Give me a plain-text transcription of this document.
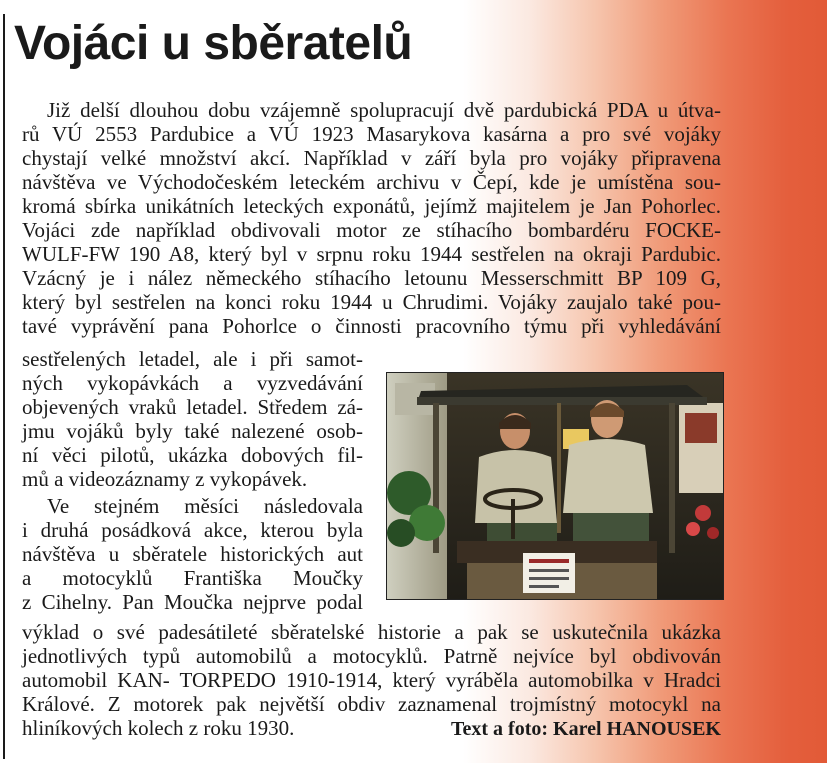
Vojáci u sběratelů
Již delší dlouhou dobu vzájemně spolupracují dvě pardubická PDA u útva-
rů VÚ 2553 Pardubice a VÚ 1923 Masarykova kasárna a pro své vojáky
chystají velké množství akcí. Například v září byla pro vojáky připravena
návštěva ve Východočeském leteckém archivu v Čepí, kde je umístěna sou-
kromá sbírka unikátních leteckých exponátů, jejímž majitelem je Jan Pohorlec.
Vojáci zde například obdivovali motor ze stíhacího bombardéru FOCKE-
WULF-FW 190 A8, který byl v srpnu roku 1944 sestřelen na okraji Pardubic.
Vzácný je i nález německého stíhacího letounu Messerschmitt BP 109 G,
který byl sestřelen na konci roku 1944 u Chrudimi. Vojáky zaujalo také pou-
tavé vyprávění pana Pohorlce o činnosti pracovního týmu při vyhledávání
sestřelených letadel, ale i při samot-
ných vykopávkách a vyzvedávání
objevených vraků letadel. Středem zá-
jmu vojáků byly také nalezené osob-
ní věci pilotů, ukázka dobových fil-
mů a videozáznamy z vykopávek.
Ve stejném měsíci následovala
i druhá posádková akce, kterou byla
návštěva u sběratele historických aut
a motocyklů Františka Moučky
z Cihelny. Pan Moučka nejprve podal
výklad o své padesátileté sběratelské historie a pak se uskutečnila ukázka
jednotlivých typů automobilů a motocyklů. Patrně nejvíce byl obdivován
automobil KAN- TORPEDO 1910-1914, který vyráběla automobilka v Hradci
Králové. Z motorek pak největší obdiv zaznamenal trojmístný motocykl na
hliníkových kolech z roku 1930.	Text a foto: Karel HANOUSEK
